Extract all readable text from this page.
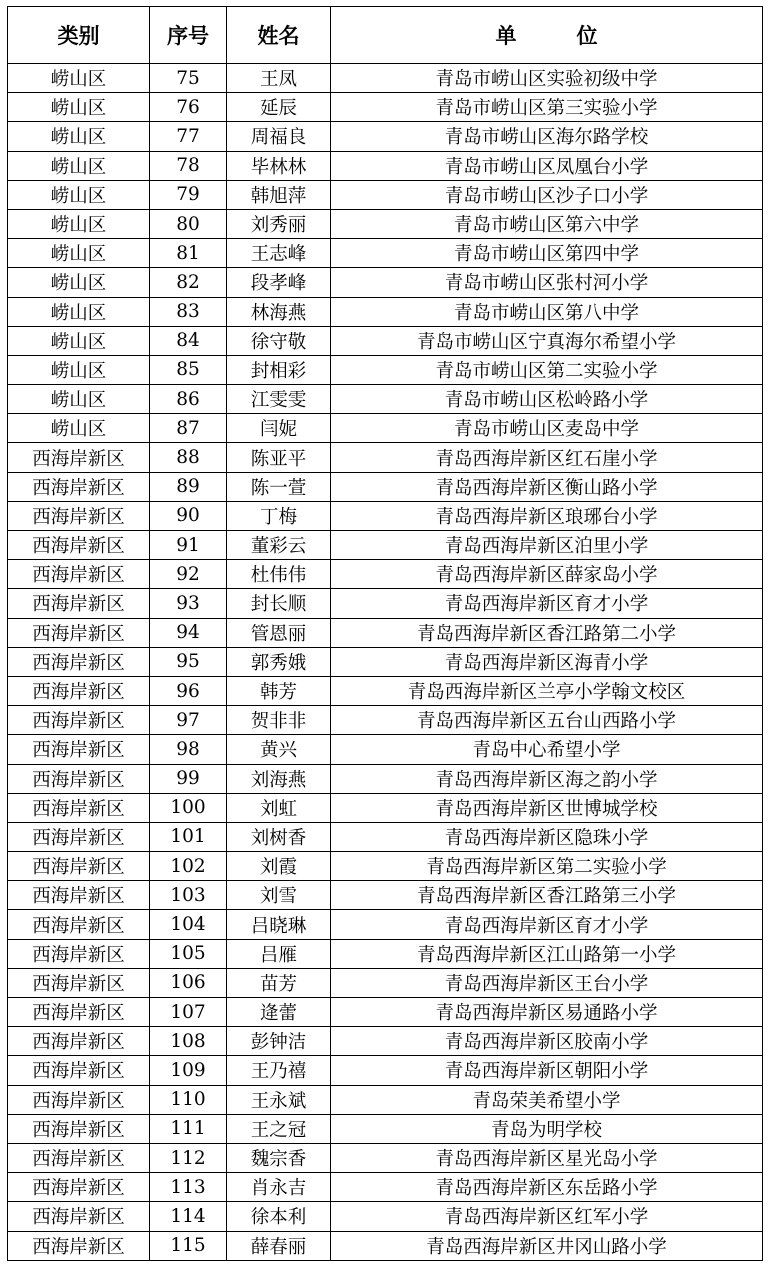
类别	序号	姓名	单 位
崂山区	75	王凤	青岛市崂山区实验初级中学
崂山区	76	延辰	青岛市崂山区第三实验小学
崂山区	77	周福良	青岛市崂山区海尔路学校
崂山区	78	毕林林	青岛市崂山区凤凰台小学
崂山区	79	韩旭萍	青岛市崂山区沙子口小学
崂山区	80	刘秀丽	青岛市崂山区第六中学
崂山区	81	王志峰	青岛市崂山区第四中学
崂山区	82	段孝峰	青岛市崂山区张村河小学
崂山区	83	林海燕	青岛市崂山区第八中学
崂山区	84	徐守敬	青岛市崂山区宁真海尔希望小学
崂山区	85	封相彩	青岛市崂山区第二实验小学
崂山区	86	江雯雯	青岛市崂山区松岭路小学
崂山区	87	闫妮	青岛市崂山区麦岛中学
西海岸新区	88	陈亚平	青岛西海岸新区红石崖小学
西海岸新区	89	陈一萱	青岛西海岸新区衡山路小学
西海岸新区	90	丁梅	青岛西海岸新区琅琊台小学
西海岸新区	91	董彩云	青岛西海岸新区泊里小学
西海岸新区	92	杜伟伟	青岛西海岸新区薛家岛小学
西海岸新区	93	封长顺	青岛西海岸新区育才小学
西海岸新区	94	管恩丽	青岛西海岸新区香江路第二小学
西海岸新区	95	郭秀娥	青岛西海岸新区海青小学
西海岸新区	96	韩芳	青岛西海岸新区兰亭小学翰文校区
西海岸新区	97	贺非非	青岛西海岸新区五台山西路小学
西海岸新区	98	黄兴	青岛中心希望小学
西海岸新区	99	刘海燕	青岛西海岸新区海之韵小学
西海岸新区	100	刘虹	青岛西海岸新区世博城学校
西海岸新区	101	刘树香	青岛西海岸新区隐珠小学
西海岸新区	102	刘霞	青岛西海岸新区第二实验小学
西海岸新区	103	刘雪	青岛西海岸新区香江路第三小学
西海岸新区	104	吕晓琳	青岛西海岸新区育才小学
西海岸新区	105	吕雁	青岛西海岸新区江山路第一小学
西海岸新区	106	苗芳	青岛西海岸新区王台小学
西海岸新区	107	逄蕾	青岛西海岸新区易通路小学
西海岸新区	108	彭钟洁	青岛西海岸新区胶南小学
西海岸新区	109	王乃禧	青岛西海岸新区朝阳小学
西海岸新区	110	王永斌	青岛荣美希望小学
西海岸新区	111	王之冠	青岛为明学校
西海岸新区	112	魏宗香	青岛西海岸新区星光岛小学
西海岸新区	113	肖永吉	青岛西海岸新区东岳路小学
西海岸新区	114	徐本利	青岛西海岸新区红军小学
西海岸新区	115	薛春丽	青岛西海岸新区井冈山路小学
